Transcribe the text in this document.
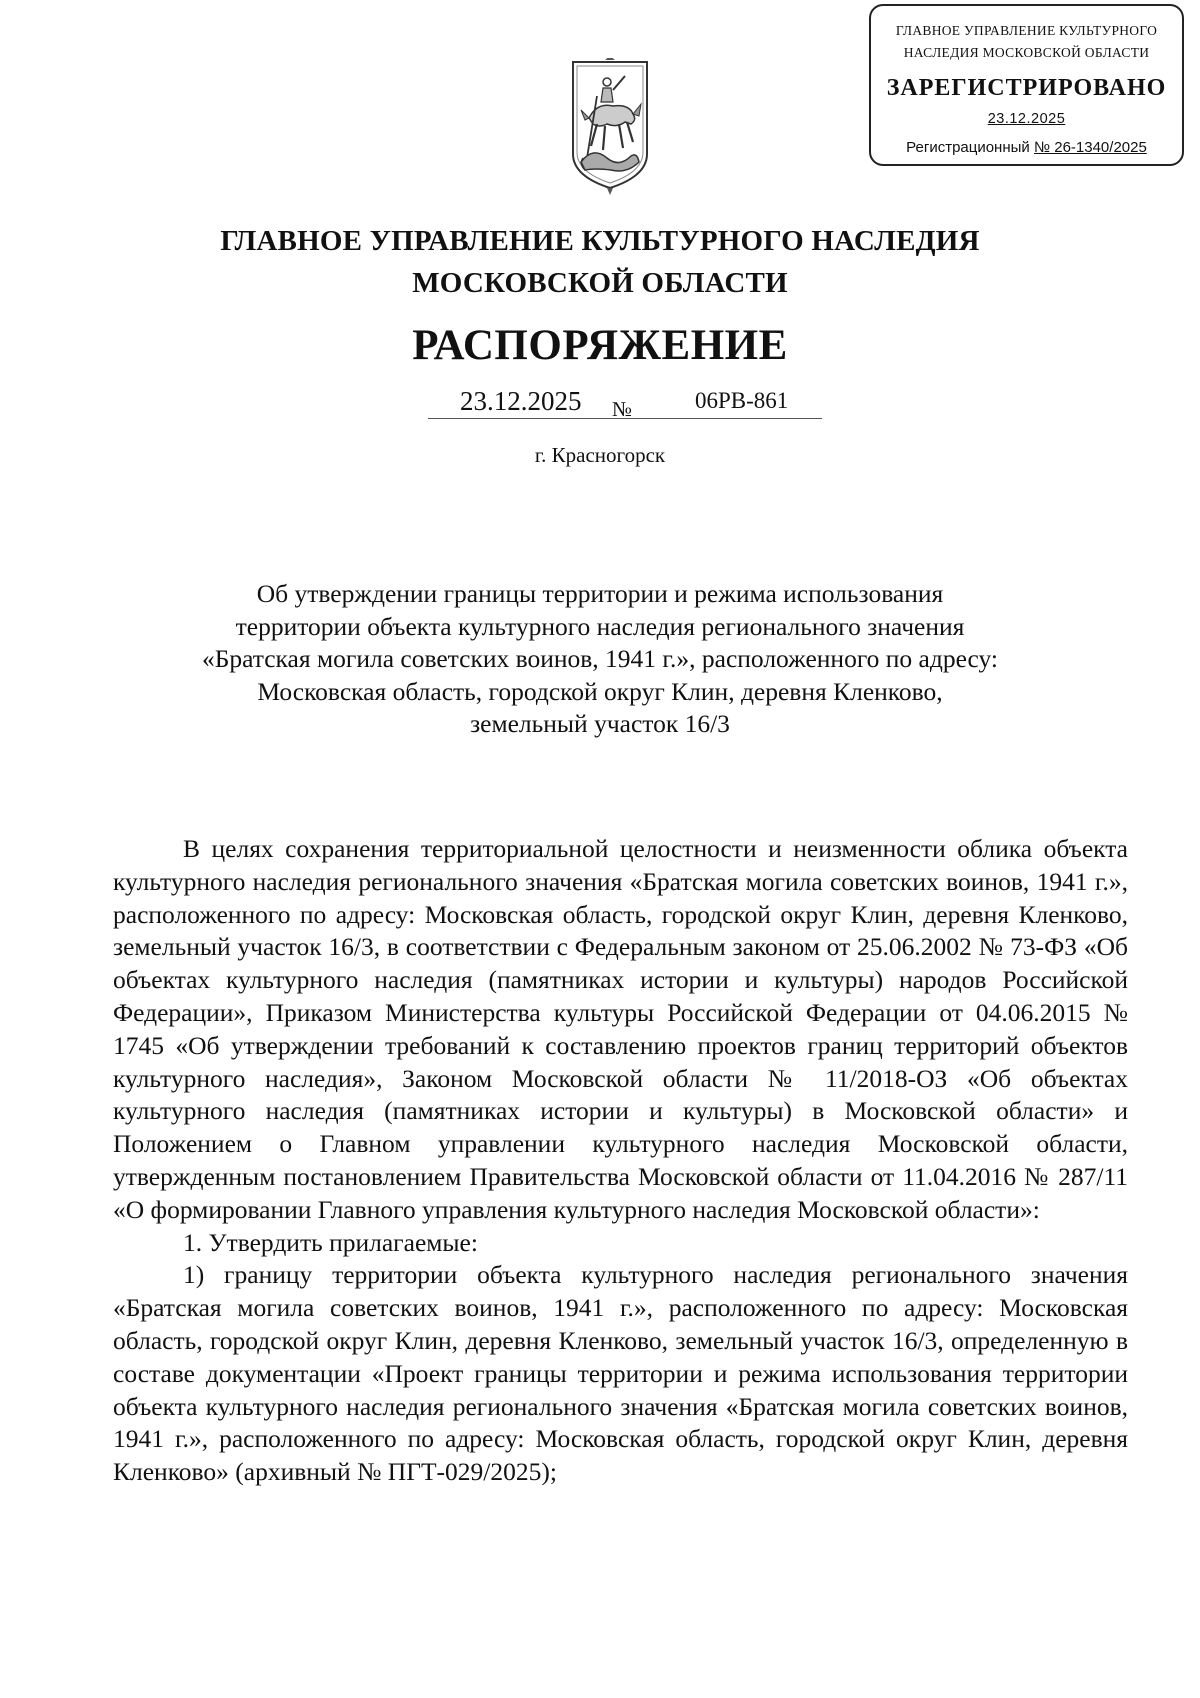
ГЛАВНОЕ УПРАВЛЕНИЕ КУЛЬТУРНОГО
НАСЛЕДИЯ МОСКОВСКОЙ ОБЛАСТИ
ЗАРЕГИСТРИРОВАНО
23.12.2025
Регистрационный № 26-1340/2025
ГЛАВНОЕ УПРАВЛЕНИЕ КУЛЬТУРНОГО НАСЛЕДИЯ
МОСКОВСКОЙ ОБЛАСТИ
РАСПОРЯЖЕНИЕ
23.12.2025 №	06РВ-861
г. Красногорск
Об утверждении границы территории и режима использования
территории объекта культурного наследия регионального значения
«Братская могила советских воинов, 1941 г.», расположенного по адресу:
Московская область, городской округ Клин, деревня Кленково,
земельный участок 16/3

В целях сохранения территориальной целостности и неизменности облика объекта культурного наследия регионального значения «Братская могила советских воинов, 1941 г.», расположенного по адресу: Московская область, городской округ Клин, деревня Кленково, земельный участок 16/3, в соответствии с Федеральным законом от 25.06.2002 № 73-ФЗ «Об объектах культурного наследия (памятниках истории и культуры) народов Российской Федерации», Приказом Министерства культуры Российской Федерации от 04.06.2015 № 1745 «Об утверждении требований к составлению проектов границ территорий объектов культурного наследия», Законом Московской области № 11/2018-ОЗ «Об объектах культурного наследия (памятниках истории и культуры) в Московской области» и Положением о Главном управлении культурного наследия Московской области, утвержденным постановлением Правительства Московской области от 11.04.2016 № 287/11 «О формировании Главного управления культурного наследия Московской области»:

1. Утвердить прилагаемые:

1) границу территории объекта культурного наследия регионального значения «Братская могила советских воинов, 1941 г.», расположенного по адресу: Московская область, городской округ Клин, деревня Кленково, земельный участок 16/3, определенную в составе документации «Проект границы территории и режима использования территории объекта культурного наследия регионального значения «Братская могила советских воинов, 1941 г.», расположенного по адресу: Московская область, городской округ Клин, деревня Кленково» (архивный № ПГТ-029/2025);
